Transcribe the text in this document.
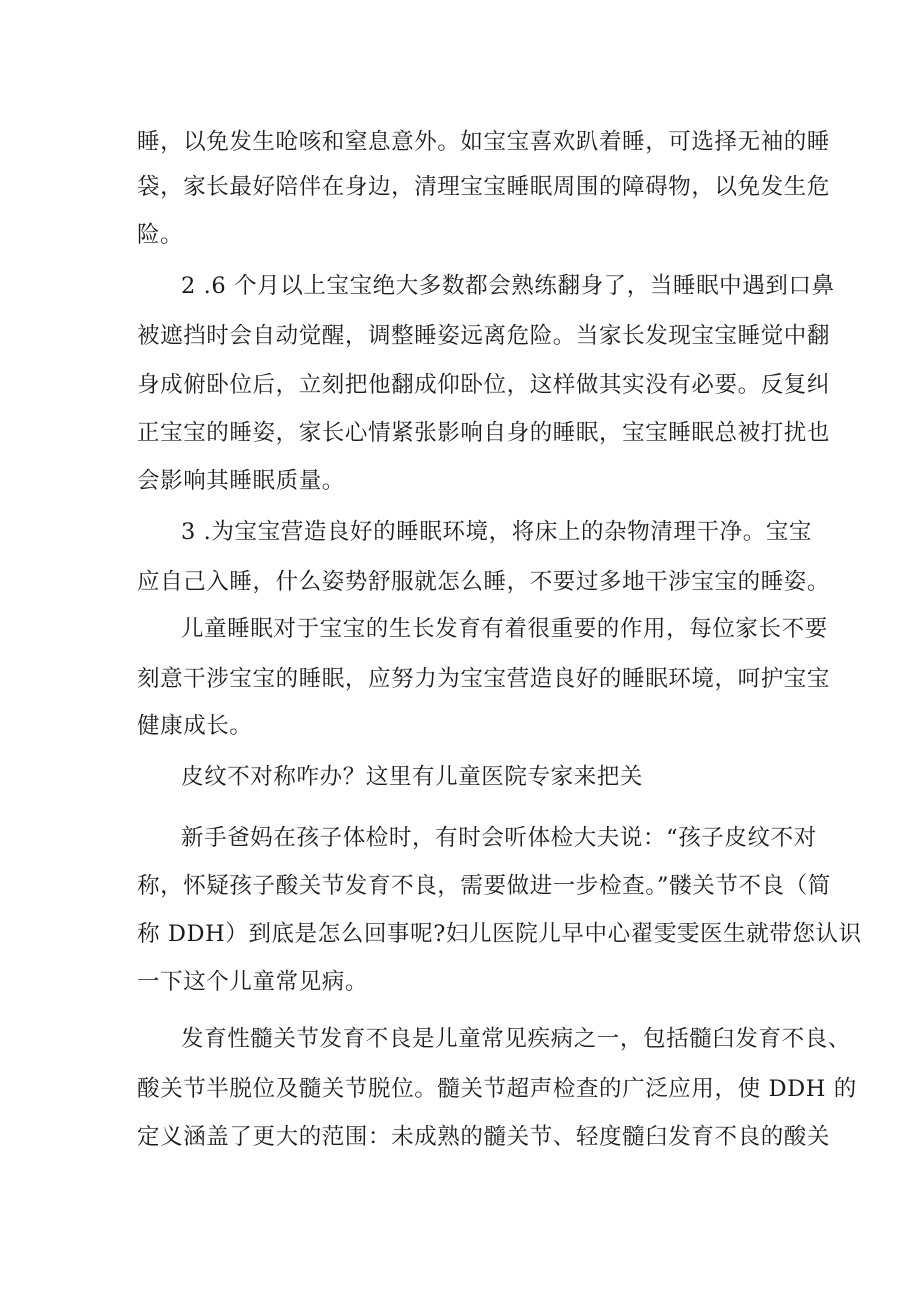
睡，以免发生呛咳和窒息意外。如宝宝喜欢趴着睡，可选择无袖的睡
袋，家长最好陪伴在身边，清理宝宝睡眠周围的障碍物，以免发生危
险。
2 .6 个月以上宝宝绝大多数都会熟练翻身了，当睡眠中遇到口鼻
被遮挡时会自动觉醒，调整睡姿远离危险。当家长发现宝宝睡觉中翻
身成俯卧位后，立刻把他翻成仰卧位，这样做其实没有必要。反复纠
正宝宝的睡姿，家长心情紧张影响自身的睡眠，宝宝睡眠总被打扰也
会影响其睡眠质量。
3 .为宝宝营造良好的睡眠环境，将床上的杂物清理干净。宝宝
应自己入睡，什么姿势舒服就怎么睡，不要过多地干涉宝宝的睡姿。
儿童睡眠对于宝宝的生长发育有着很重要的作用，每位家长不要
刻意干涉宝宝的睡眠，应努力为宝宝营造良好的睡眠环境，呵护宝宝
健康成长。
皮纹不对称咋办？这里有儿童医院专家来把关
新手爸妈在孩子体检时，有时会听体检大夫说：“孩子皮纹不对
称，怀疑孩子酸关节发育不良，需要做进一步检查。”髅关节不良（简
称 DDH）到底是怎么回事呢?妇儿医院儿早中心翟雯雯医生就带您认识
一下这个儿童常见病。
发育性髓关节发育不良是儿童常见疾病之一，包括髓臼发育不良、
酸关节半脱位及髓关节脱位。髓关节超声检查的广泛应用，使 DDH 的
定义涵盖了更大的范围：未成熟的髓关节、轻度髓臼发育不良的酸关
